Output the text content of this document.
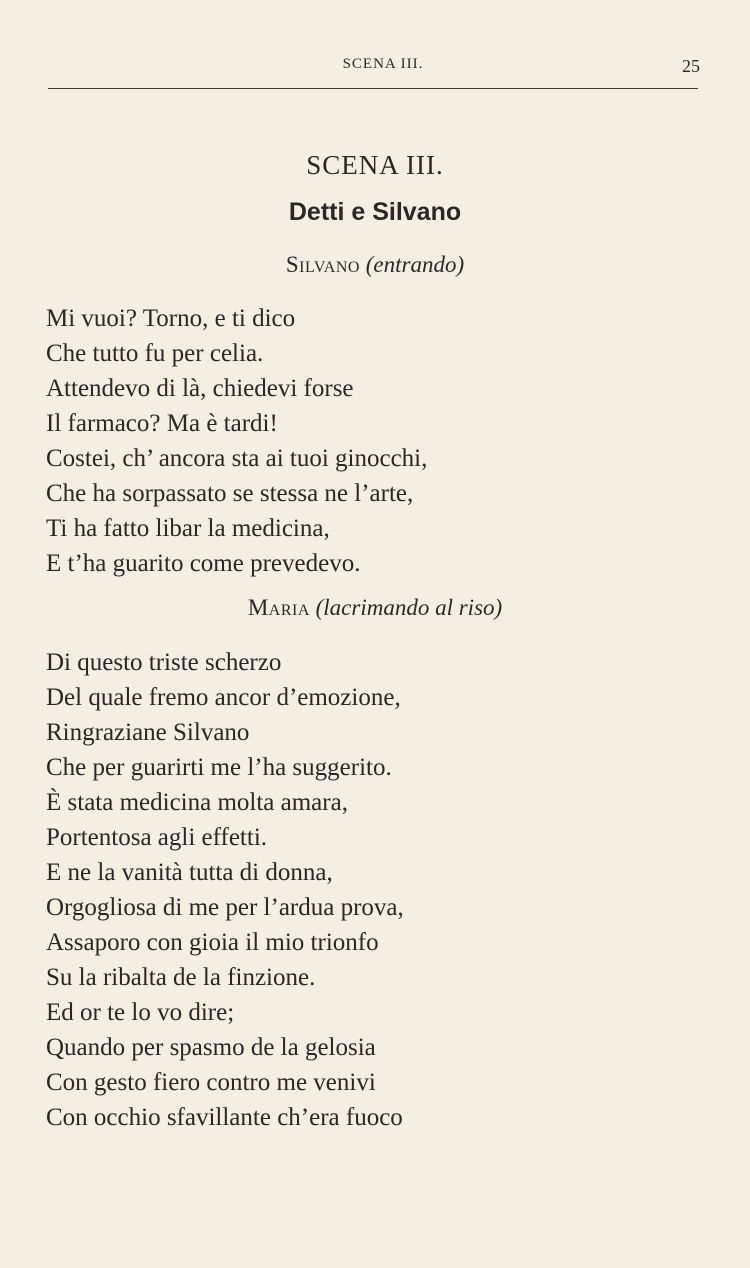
SCENA III.	25
SCENA III.
Detti e Silvano
Silvano (entrando)
Mi vuoi? Torno, e ti dico
Che tutto fu per celia.
Attendevo di là, chiedevi forse
Il farmaco? Ma è tardi!
Costei, ch’ ancora sta ai tuoi ginocchi,
Che ha sorpassato se stessa ne l’arte,
Ti ha fatto libar la medicina,
E t’ha guarito come prevedevo.
Maria (lacrimando al riso)
Di questo triste scherzo
Del quale fremo ancor d’emozione,
Ringraziane Silvano
Che per guarirti me l’ha suggerito.
È stata medicina molta amara,
Portentosa agli effetti.
E ne la vanità tutta di donna,
Orgogliosa di me per l’ardua prova,
Assaporo con gioia il mio trionfo
Su la ribalta de la finzione.
Ed or te lo vo dire;
Quando per spasmo de la gelosia
Con gesto fiero contro me venivi
Con occhio sfavillante ch’era fuoco
